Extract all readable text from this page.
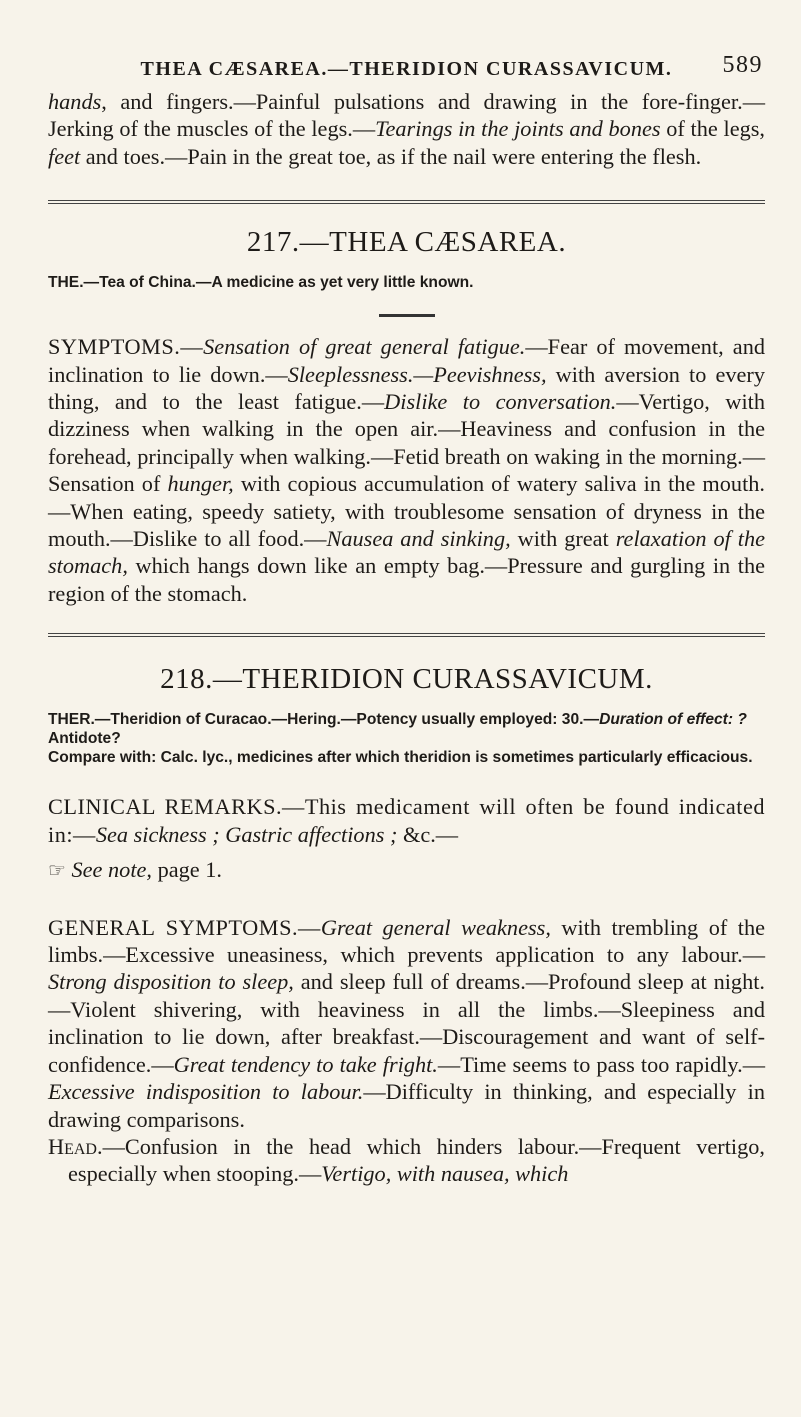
THEA CÆSAREA.—THERIDION CURASSAVICUM. 589

hands, and fingers.—Painful pulsations and drawing in the fore-finger.—Jerking of the muscles of the legs.—Tearings in the joints and bones of the legs, feet and toes.—Pain in the great toe, as if the nail were entering the flesh.

217.—THEA CÆSAREA.

THE.—Tea of China.—A medicine as yet very little known.

SYMPTOMS.—Sensation of great general fatigue.—Fear of movement, and inclination to lie down.—Sleeplessness.—Peevishness, with aversion to every thing, and to the least fatigue.—Dislike to conversation.—Vertigo, with dizziness when walking in the open air.—Heaviness and confusion in the forehead, principally when walking.—Fetid breath on waking in the morning.—Sensation of hunger, with copious accumulation of watery saliva in the mouth.—When eating, speedy satiety, with troublesome sensation of dryness in the mouth.—Dislike to all food.—Nausea and sinking, with great relaxation of the stomach, which hangs down like an empty bag.—Pressure and gurgling in the region of the stomach.

218.—THERIDION CURASSAVICUM.

THER.—Theridion of Curacao.—Hering.—Potency usually employed: 30.—Duration of effect: ?

Antidote?

Compare with: Calc. lyc., medicines after which theridion is sometimes particularly efficacious.

CLINICAL REMARKS.—This medicament will often be found indicated in:—Sea sickness ; Gastric affections ; &c.—

☞ See note, page 1.

GENERAL SYMPTOMS.—Great general weakness, with trembling of the limbs.—Excessive uneasiness, which prevents application to any labour.—Strong disposition to sleep, and sleep full of dreams.—Profound sleep at night.—Violent shivering, with heaviness in all the limbs.—Sleepiness and inclination to lie down, after breakfast.—Discouragement and want of self-confidence.—Great tendency to take fright.—Time seems to pass too rapidly.—Excessive indisposition to labour.—Difficulty in thinking, and especially in drawing comparisons.

Head.—Confusion in the head which hinders labour.—Frequent vertigo, especially when stooping.—Vertigo, with nausea, which
